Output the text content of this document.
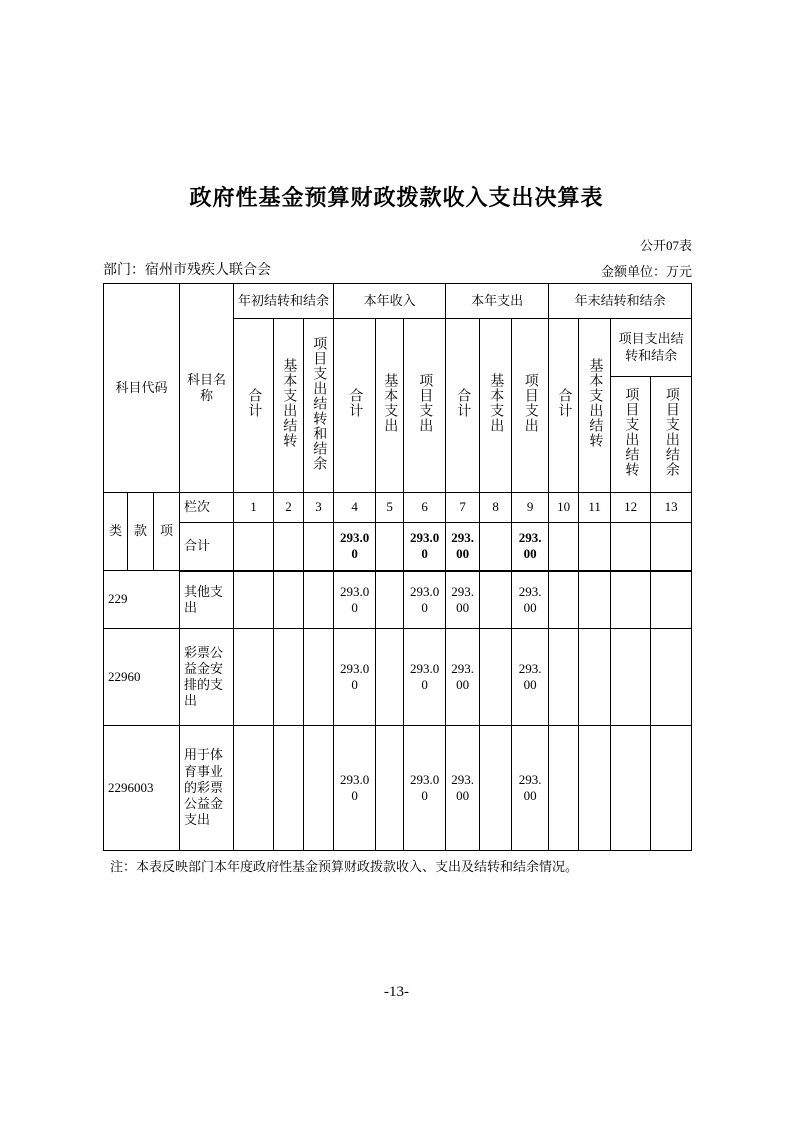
政府性基金预算财政拨款收入支出决算表
公开07表
部门：宿州市残疾人联合会	金额单位：万元
科目代码			科目名称	年初结转和结余			本年收入			本年支出			年末结转和结余			
				合计	基本支出结转	项目支出结转和结余	合计	基本支出	项目支出	合计	基本支出	项目支出	合计	基本支出结转	项目支出结转和结余	
															项目支出结转	项目支出结余
类	款	项	栏次	1	2	3	4	5	6	7	8	9	10	11	12	13
			合计				293.00		293.00	293.00		293.00				
229			其他支出				293.00		293.00	293.00		293.00				
22960			彩票公益金安排的支出				293.00		293.00	293.00		293.00				
2296003			用于体育事业的彩票公益金支出				293.00		293.00	293.00		293.00				
注：本表反映部门本年度政府性基金预算财政拨款收入、支出及结转和结余情况。
-13-
